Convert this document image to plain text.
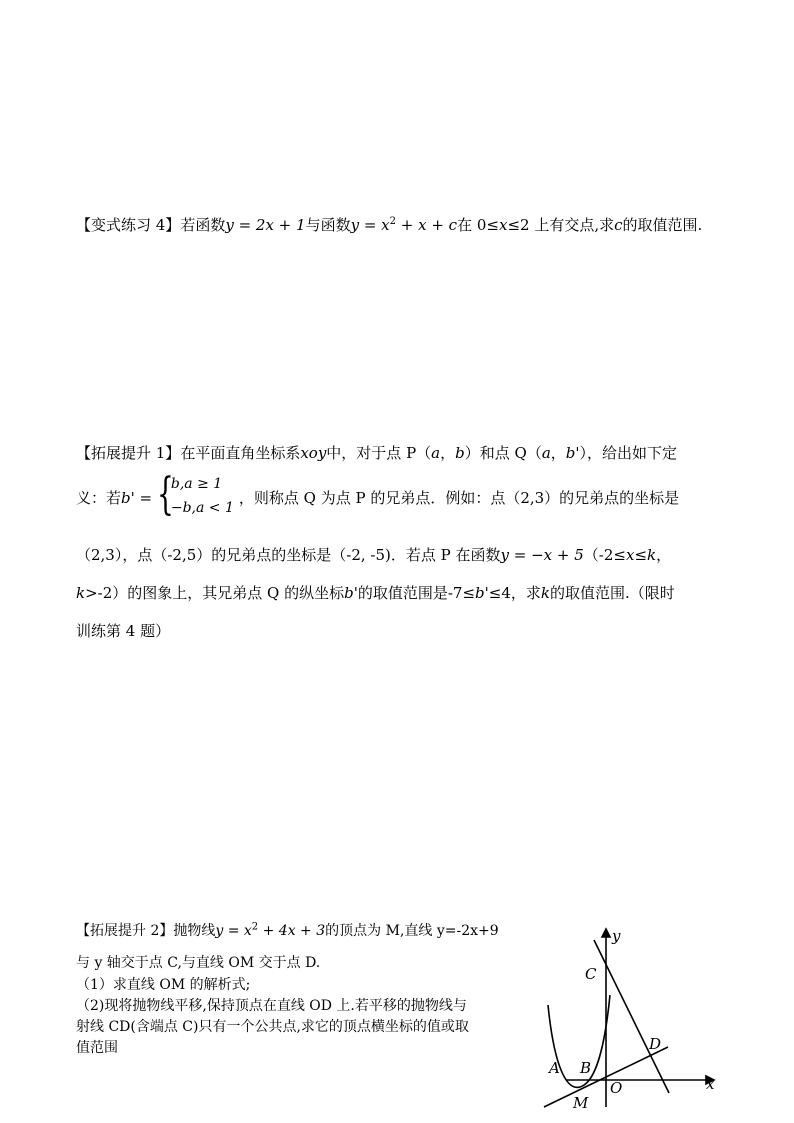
【变式练习 4】若函数y = 2x + 1与函数$y = x^2 + x + c$在 0≤x≤2 上有交点,求c的取值范围.
【拓展提升 1】在平面直角坐标系xoy中，对于点 P（a，b）和点 Q（a，b'），给出如下定
义：若b' = {
b,a ≥ 1
−b,a < 1
，则称点 Q 为点 P 的兄弟点．例如：点（2,3）的兄弟点的坐标是
（2,3），点（-2,5）的兄弟点的坐标是（-2, -5)．若点 P 在函数y = −x + 5（-2≤x≤k，
k>-2）的图象上，其兄弟点 Q 的纵坐标b'的取值范围是-7≤b'≤4，求k的取值范围.（限时
训练第 4 题）
【拓展提升 2】抛物线$y = x^2 + 4x + 3$的顶点为 M,直线 y=-2x+9
与 y 轴交于点 C,与直线 OM 交于点 D.
（1）求直线 OM 的解析式;
（2)现将抛物线平移,保持顶点在直线 OD 上.若平移的抛物线与
射线 CD(含端点 C)只有一个公共点,求它的顶点横坐标的值或取
值范围
y
x
C
D
A B
O
M
